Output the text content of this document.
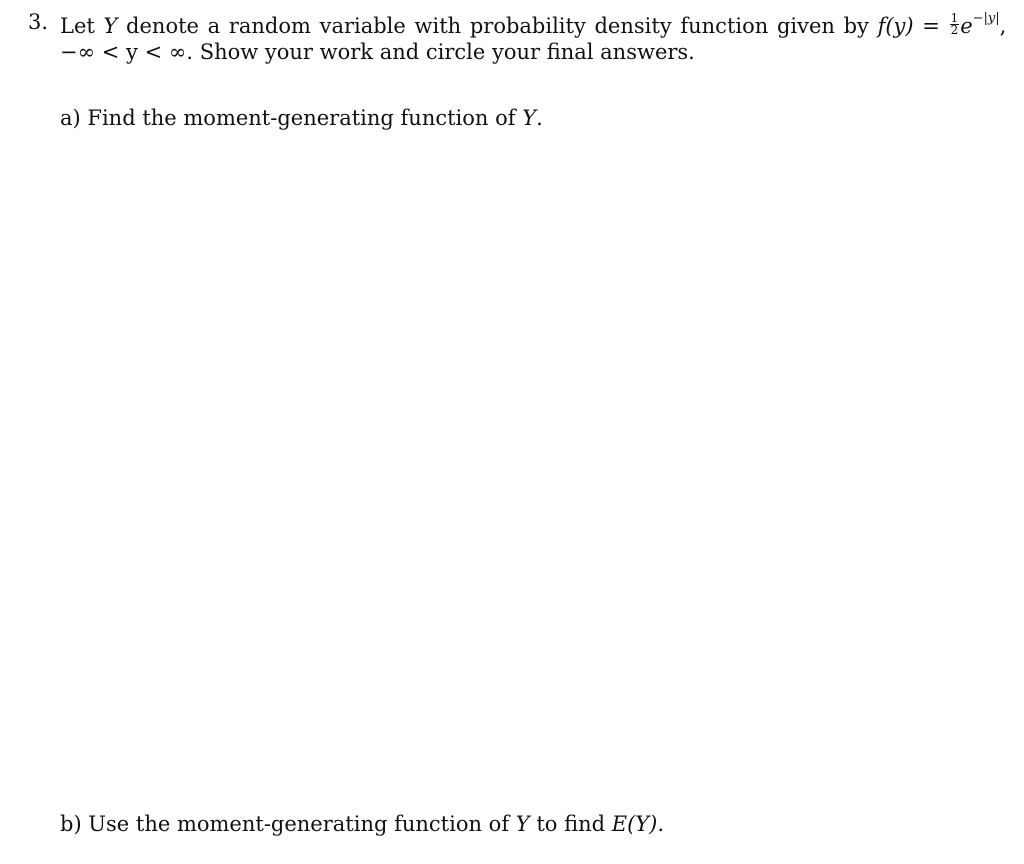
3. Let Y denote a random variable with probability density function given by $f(y) = \frac{1}{2} e^{-|y|}$,
−∞ < y < ∞. Show your work and circle your final answers.
a) Find the moment-generating function of Y.
b) Use the moment-generating function of Y to find E(Y).
